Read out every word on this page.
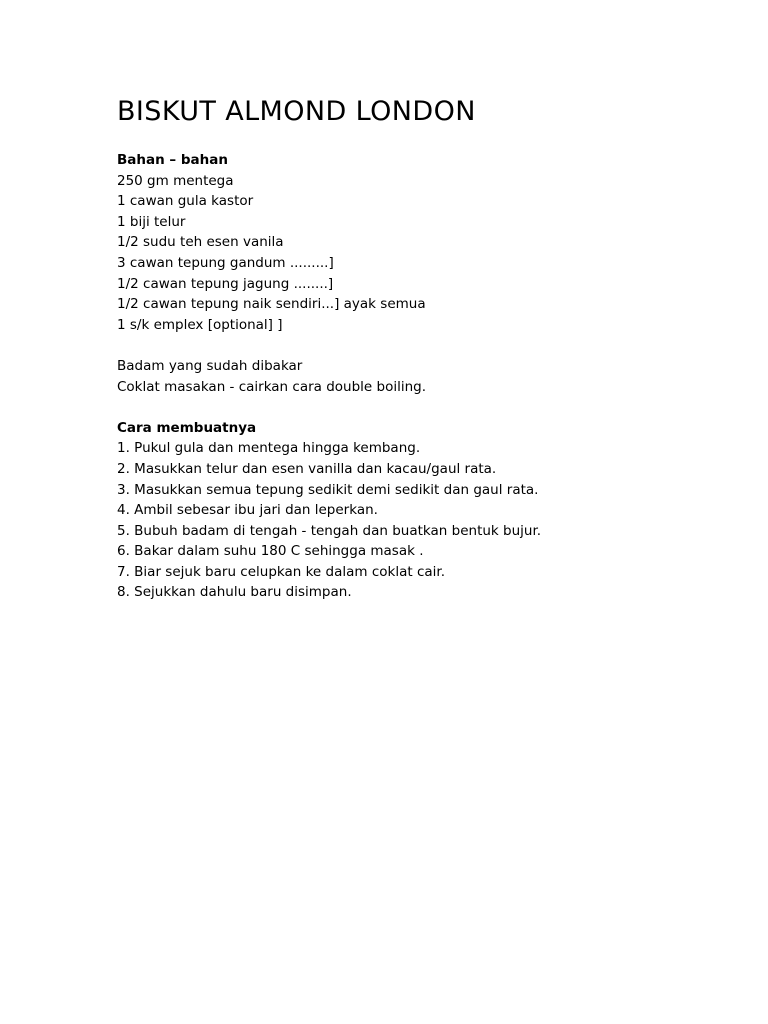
BISKUT ALMOND LONDON
Bahan – bahan
250 gm mentega
1 cawan gula kastor
1 biji telur
1/2 sudu teh esen vanila
3 cawan tepung gandum .........]
1/2 cawan tepung jagung ........]
1/2 cawan tepung naik sendiri...] ayak semua
1 s/k emplex [optional] ]
Badam yang sudah dibakar
Coklat masakan - cairkan cara double boiling.
Cara membuatnya
1. Pukul gula dan mentega hingga kembang.
2. Masukkan telur dan esen vanilla dan kacau/gaul rata.
3. Masukkan semua tepung sedikit demi sedikit dan gaul rata.
4. Ambil sebesar ibu jari dan leperkan.
5. Bubuh badam di tengah - tengah dan buatkan bentuk bujur.
6. Bakar dalam suhu 180 C sehingga masak .
7. Biar sejuk baru celupkan ke dalam coklat cair.
8. Sejukkan dahulu baru disimpan.
